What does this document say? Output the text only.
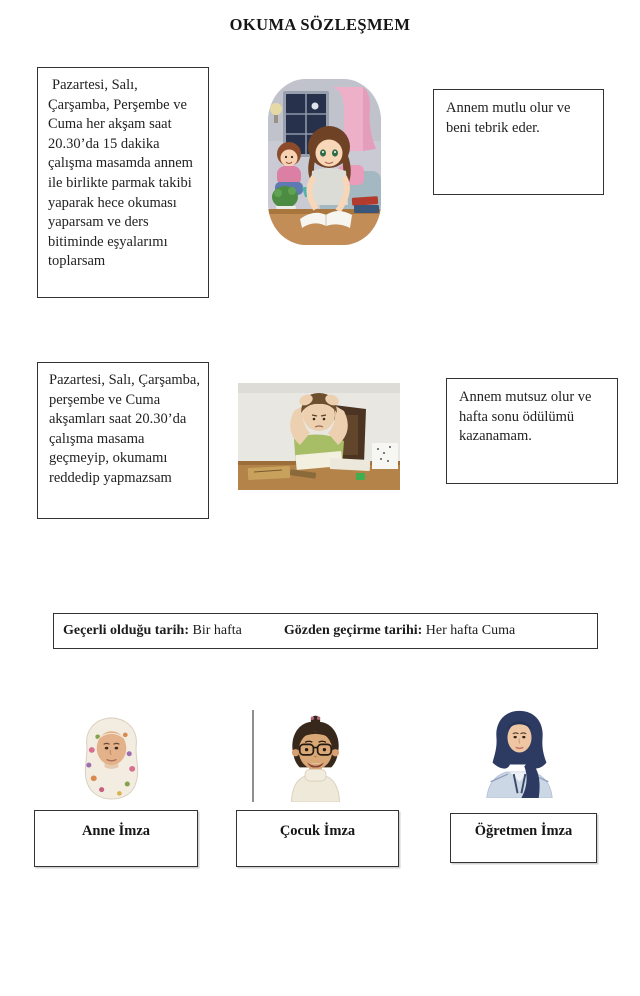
OKUMA SÖZLEŞMEM

Pazartesi, Salı, Çarşamba, Perşembe ve Cuma her akşam saat 20.30’da 15 dakika çalışma masamda annem ile birlikte parmak takibi yaparak hece okuması yaparsam ve ders bitiminde eşyalarımı toplarsam

Annem mutlu olur ve beni tebrik eder.

Pazartesi, Salı, Çarşamba, perşembe ve Cuma akşamları saat 20.30’da çalışma masama geçmeyip, okumamı reddedip yapmazsam

Annem mutsuz olur ve hafta sonu ödülümü kazanamam.

Geçerli olduğu tarih: Bir hafta	Gözden geçirme tarihi: Her hafta Cuma
Anne İmza	Çocuk İmza	Öğretmen İmza
